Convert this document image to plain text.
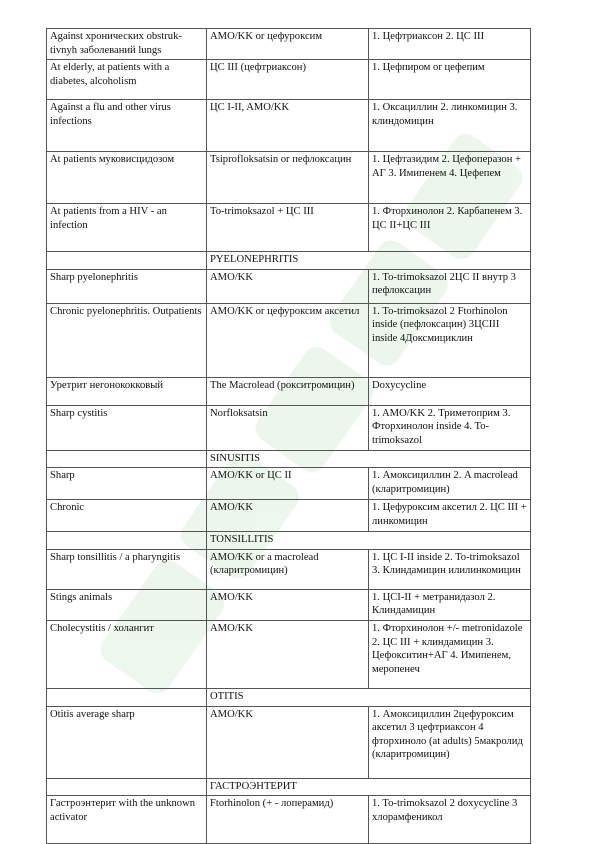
Against хронических obstruk-tivnyh заболеваний lungs	AMO/KK or цефуроксим	1. Цефтриаксон 2. ЦС III
At elderly, at patients with a diabetes, alcoholism	ЦС III (цефтриаксон)	1. Цефпиром or цефепим
Against a flu and other virus infections	ЦС I-II, AMO/KK	1. Оксациллин 2. линкомицин 3. клиндомицин
At patients муковисцидозом	Tsiprofloksatsin or пефлоксацин	1. Цефтазидим 2. Цефоперазон + АГ 3. Имипенем 4. Цефепем
At patients from a HIV - an infection	To-trimoksazol + ЦС III	1. Фторхинолон 2. Карбапенем 3. ЦС II+ЦС III
	PYELONEPHRITIS	
Sharp pyelonephritis	AMO/KK	1. To-trimoksazol 2ЦС II внутр 3 пефлоксацин
Chronic pyelonephritis. Outpatients	AMO/KK or цефуроксим аксетил	1. To-trimoksazol 2 Ftorhinolon inside (пефлоксацин) 3ЦСIII inside 4Доксмициклин
Уретрит негонококковый	The Macrolead (рокситромицин)	Doxycycline
Sharp cystitis	Norfloksatsin	1. AMO/KK 2. Триметоприм 3. Фторхинолон inside 4. To-trimoksazol
	SINUSITIS	
Sharp	AMO/KK or ЦС II	1. Амоксициллин 2. A macrolead (кларитромицин)
Chronic	AMO/KK	1. Цефуроксим аксетил 2. ЦС III + линкомицин
	TONSILLITIS	
Sharp tonsillitis / a pharyngitis	AMO/KK or a macrolead (кларитромицин)	1. ЦС I-II inside 2. To-trimoksazol 3. Клиндамицин илилинкомицин
Stings animals	AMO/KK	1. ЦСI-II + метранидазол 2. Клиндамицин
Cholecystitis / холангит	AMO/KK	1. Фторхинолон +/- metronidazole 2. ЦС III + клиндамицин 3. Цефокситин+АГ 4. Имипенем, меропенеч
	OTITIS	
Otitis average sharp	AMO/KK	1. Амоксициллин 2цефуроксим аксетил 3 цефтриаксон 4 фторхиноло (at adults) 5макролид (кларитромицин)
	ГАСТРОЭНТЕРИТ	
Гастроэнтерит with the unknown activator	Ftorhinolon (+ - лоперамид)	1. To-trimoksazol 2 doxycycline 3 хлорамфеникол
